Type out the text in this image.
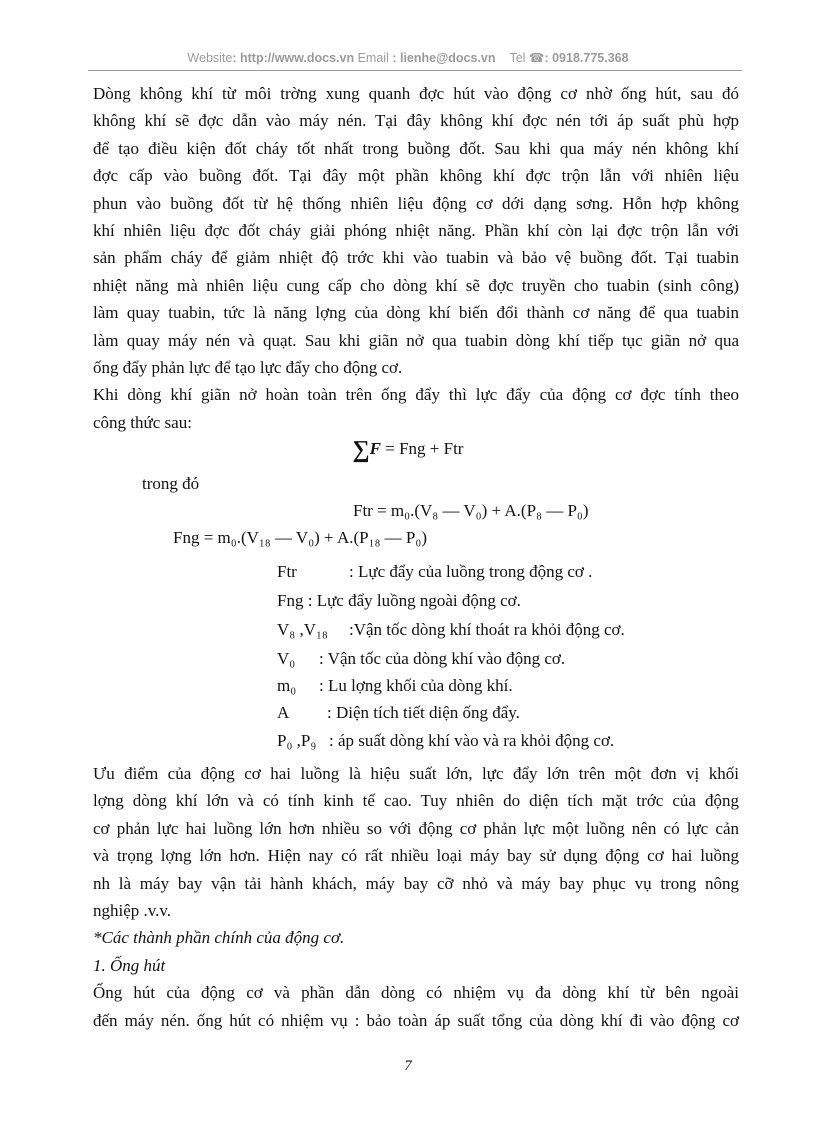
Website: http://www.docs.vn Email : lienhe@docs.vn Tel ☎: 0918.775.368
Dòng không khí từ môi trờng xung quanh đợc hút vào động cơ nhờ ống hút, sau đó
không khí sẽ đợc dẫn vào máy nén. Tại đây không khí đợc nén tới áp suất phù hợp
để tạo điều kiện đốt cháy tốt nhất trong buồng đốt. Sau khi qua máy nén không khí
đợc cấp vào buồng đốt. Tại đây một phần không khí đợc trộn lẫn với nhiên liệu
phun vào buồng đốt từ hệ thống nhiên liệu động cơ dới dạng sơng. Hỗn hợp không
khí nhiên liệu đợc đốt cháy giải phóng nhiệt năng. Phần khí còn lại đợc trộn lẫn với
sản phẩm cháy để giảm nhiệt độ trớc khi vào tuabin và bảo vệ buồng đốt. Tại tuabin
nhiệt năng mà nhiên liệu cung cấp cho dòng khí sẽ đợc truyền cho tuabin (sinh công)
làm quay tuabin, tức là năng lợng của dòng khí biến đổi thành cơ năng để qua tuabin
làm quay máy nén và quạt. Sau khi giãn nở qua tuabin dòng khí tiếp tục giãn nở qua
ống đẩy phản lực để tạo lực đẩy cho động cơ.
Khi dòng khí giãn nở hoàn toàn trên ống đẩy thì lực đẩy của động cơ đợc tính theo
công thức sau:
∑F = Fng + Ftr
trong đó
Ftr = m₀.(V₈ — V₀) + A.(P₈ — P₀)
Fng = m₀.(V₁₈ — V₀) + A.(P₁₈ — P₀)
Ftr	: Lực đẩy của luồng trong động cơ .
Fng : Lực đẩy luồng ngoài động cơ.
V₈ ,V₁₈ :Vận tốc dòng khí thoát ra khỏi động cơ.
V₀ : Vận tốc của dòng khí vào động cơ.
m₀ : Lu lợng khối của dòng khí.
A : Diện tích tiết diện ống đẩy.
P₀ ,P₉ : áp suất dòng khí vào và ra khỏi động cơ.
Ưu điểm của động cơ hai luồng là hiệu suất lớn, lực đẩy lớn trên một đơn vị khối
lợng dòng khí lớn và có tính kinh tế cao. Tuy nhiên do diện tích mặt trớc của động
cơ phản lực hai luồng lớn hơn nhiều so với động cơ phản lực một luồng nên có lực cản
và trọng lợng lớn hơn. Hiện nay có rất nhiều loại máy bay sử dụng động cơ hai luồng
nh là máy bay vận tải hành khách, máy bay cỡ nhỏ và máy bay phục vụ trong nông
nghiệp .v.v.
*Các thành phần chính của động cơ.
1. Ống hút
Ống hút của động cơ và phần dẫn dòng có nhiệm vụ đa dòng khí từ bên ngoài
đến máy nén. ống hút có nhiệm vụ : bảo toàn áp suất tổng của dòng khí đi vào động cơ
7
